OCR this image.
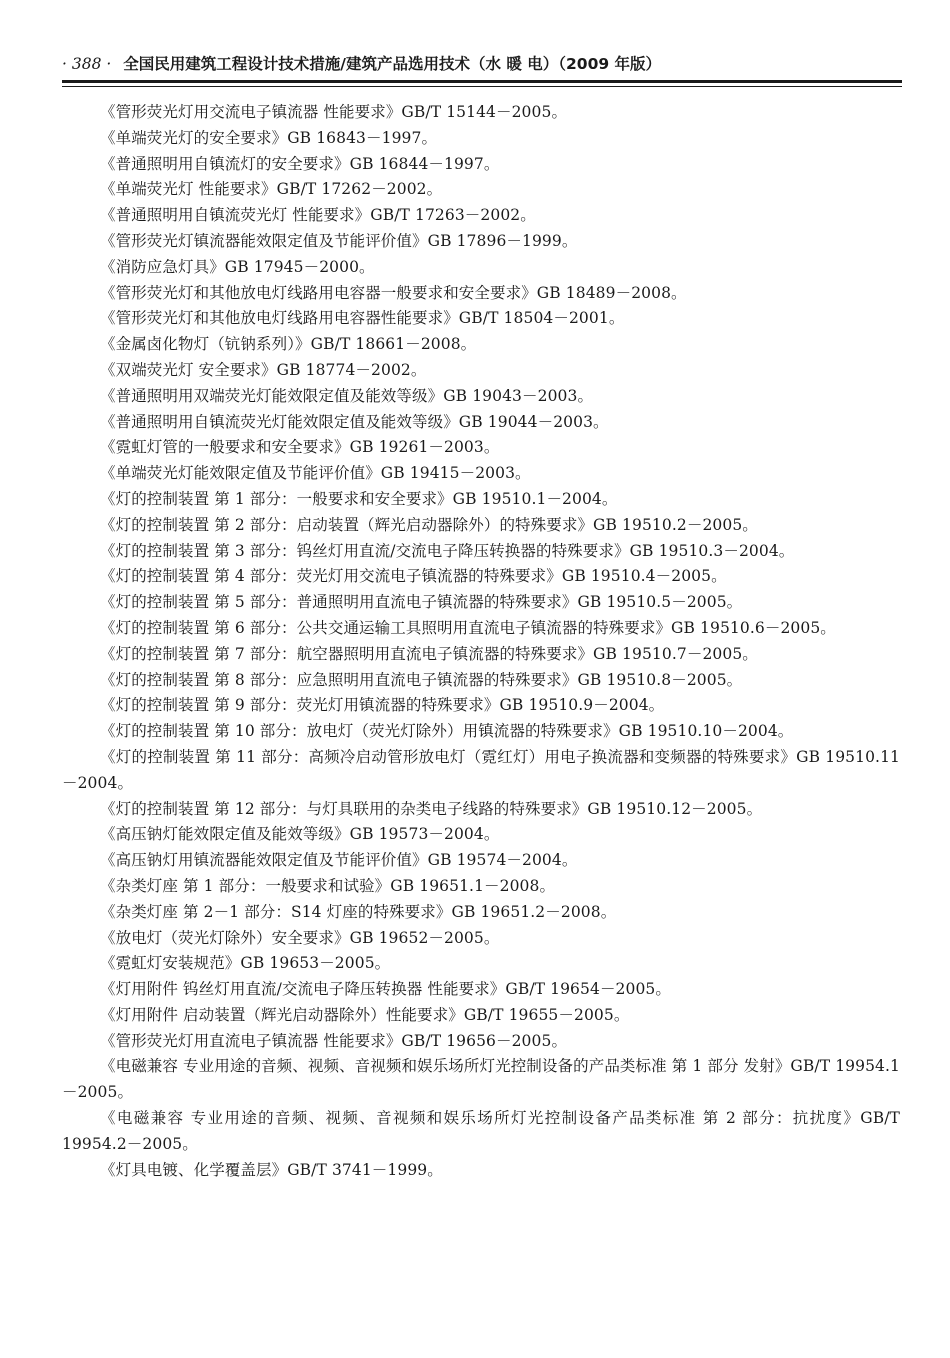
· 388 · 全国民用建筑工程设计技术措施/建筑产品选用技术（水 暖 电）（2009 年版）

《管形荧光灯用交流电子镇流器 性能要求》GB/T 15144－2005。

《单端荧光灯的安全要求》GB 16843－1997。

《普通照明用自镇流灯的安全要求》GB 16844－1997。

《单端荧光灯 性能要求》GB/T 17262－2002。

《普通照明用自镇流荧光灯 性能要求》GB/T 17263－2002。

《管形荧光灯镇流器能效限定值及节能评价值》GB 17896－1999。

《消防应急灯具》GB 17945－2000。

《管形荧光灯和其他放电灯线路用电容器一般要求和安全要求》GB 18489－2008。

《管形荧光灯和其他放电灯线路用电容器性能要求》GB/T 18504－2001。

《金属卤化物灯（钪钠系列）》GB/T 18661－2008。

《双端荧光灯 安全要求》GB 18774－2002。

《普通照明用双端荧光灯能效限定值及能效等级》GB 19043－2003。

《普通照明用自镇流荧光灯能效限定值及能效等级》GB 19044－2003。

《霓虹灯管的一般要求和安全要求》GB 19261－2003。

《单端荧光灯能效限定值及节能评价值》GB 19415－2003。

《灯的控制装置 第 1 部分：一般要求和安全要求》GB 19510.1－2004。

《灯的控制装置 第 2 部分：启动装置（辉光启动器除外）的特殊要求》GB 19510.2－2005。

《灯的控制装置 第 3 部分：钨丝灯用直流/交流电子降压转换器的特殊要求》GB 19510.3－2004。

《灯的控制装置 第 4 部分：荧光灯用交流电子镇流器的特殊要求》GB 19510.4－2005。

《灯的控制装置 第 5 部分：普通照明用直流电子镇流器的特殊要求》GB 19510.5－2005。

《灯的控制装置 第 6 部分：公共交通运输工具照明用直流电子镇流器的特殊要求》GB 19510.6－2005。

《灯的控制装置 第 7 部分：航空器照明用直流电子镇流器的特殊要求》GB 19510.7－2005。

《灯的控制装置 第 8 部分：应急照明用直流电子镇流器的特殊要求》GB 19510.8－2005。

《灯的控制装置 第 9 部分：荧光灯用镇流器的特殊要求》GB 19510.9－2004。

《灯的控制装置 第 10 部分：放电灯（荧光灯除外）用镇流器的特殊要求》GB 19510.10－2004。

《灯的控制装置 第 11 部分：高频冷启动管形放电灯（霓红灯）用电子换流器和变频器的特殊要求》GB 19510.11－2004。

《灯的控制装置 第 12 部分：与灯具联用的杂类电子线路的特殊要求》GB 19510.12－2005。

《高压钠灯能效限定值及能效等级》GB 19573－2004。

《高压钠灯用镇流器能效限定值及节能评价值》GB 19574－2004。

《杂类灯座 第 1 部分：一般要求和试验》GB 19651.1－2008。

《杂类灯座 第 2－1 部分：S14 灯座的特殊要求》GB 19651.2－2008。

《放电灯（荧光灯除外）安全要求》GB 19652－2005。

《霓虹灯安装规范》GB 19653－2005。

《灯用附件 钨丝灯用直流/交流电子降压转换器 性能要求》GB/T 19654－2005。

《灯用附件 启动装置（辉光启动器除外）性能要求》GB/T 19655－2005。

《管形荧光灯用直流电子镇流器 性能要求》GB/T 19656－2005。

《电磁兼容 专业用途的音频、视频、音视频和娱乐场所灯光控制设备的产品类标准 第 1 部分 发射》GB/T 19954.1－2005。

《电磁兼容 专业用途的音频、视频、音视频和娱乐场所灯光控制设备产品类标准 第 2 部分：抗扰度》GB/T 19954.2－2005。

《灯具电镀、化学覆盖层》GB/T 3741－1999。
